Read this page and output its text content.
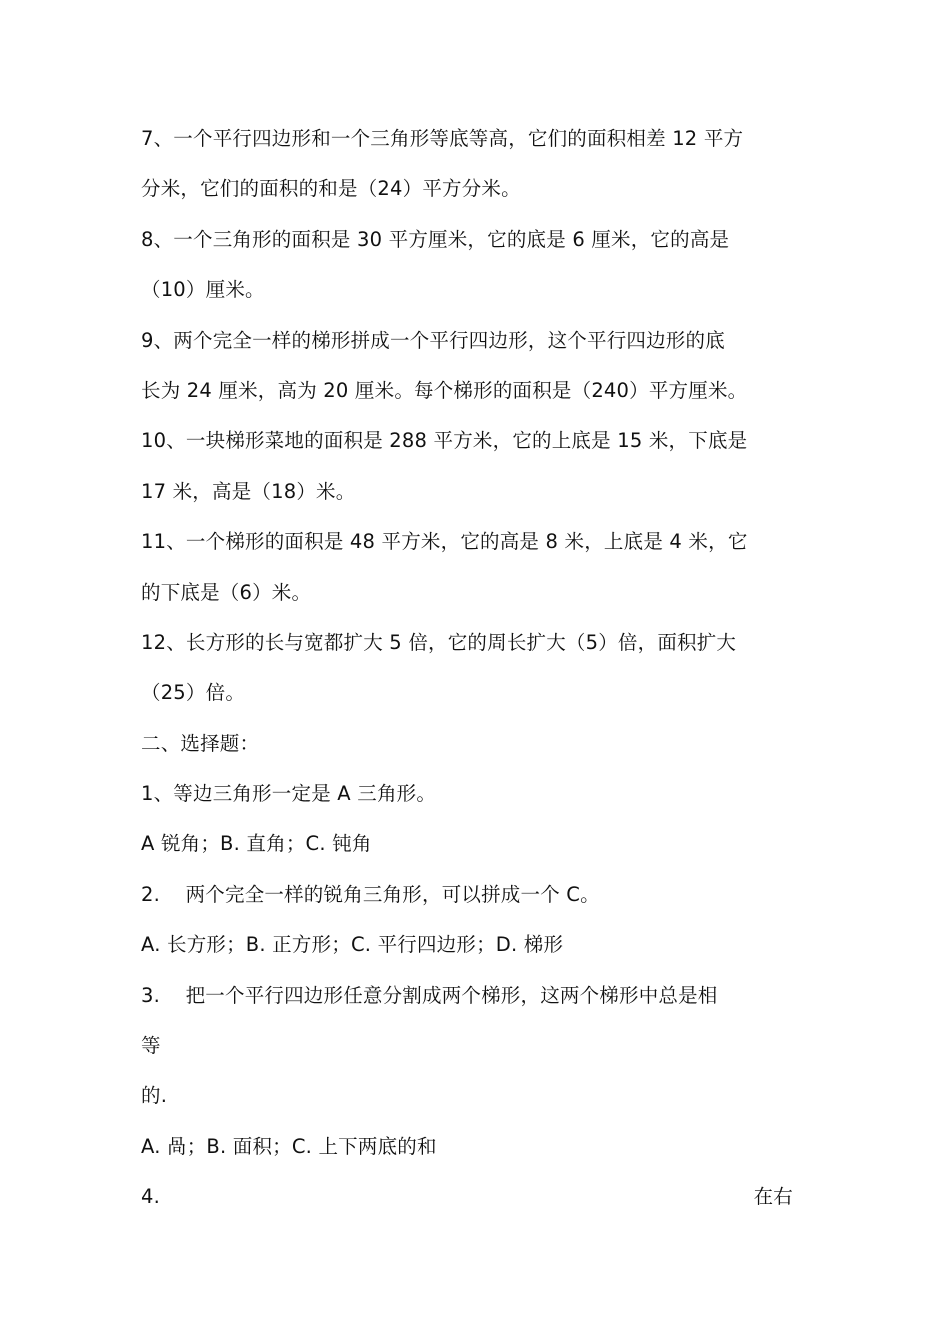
7、一个平行四边形和一个三角形等底等高，它们的面积相差 12 平方
分米，它们的面积的和是（24）平方分米。
8、一个三角形的面积是 30 平方厘米，它的底是 6 厘米，它的高是
（10）厘米。
9、两个完全一样的梯形拼成一个平行四边形，这个平行四边形的底
长为 24 厘米，高为 20 厘米。每个梯形的面积是（240）平方厘米。
10、一块梯形菜地的面积是 288 平方米，它的上底是 15 米，下底是
17 米，高是（18）米。
11、一个梯形的面积是 48 平方米，它的高是 8 米，上底是 4 米，它
的下底是（6）米。
12、长方形的长与宽都扩大 5 倍，它的周长扩大（5）倍，面积扩大
（25）倍。
二、选择题：
1、等边三角形一定是 A 三角形。
A 锐角；B. 直角；C. 钝角
2.    两个完全一样的锐角三角形，可以拼成一个 C。
A. 长方形；B. 正方形；C. 平行四边形；D. 梯形
3.    把一个平行四边形任意分割成两个梯形，这两个梯形中总是相
等
的.
A. 咼；B. 面积；C. 上下两底的和
4.	在右
